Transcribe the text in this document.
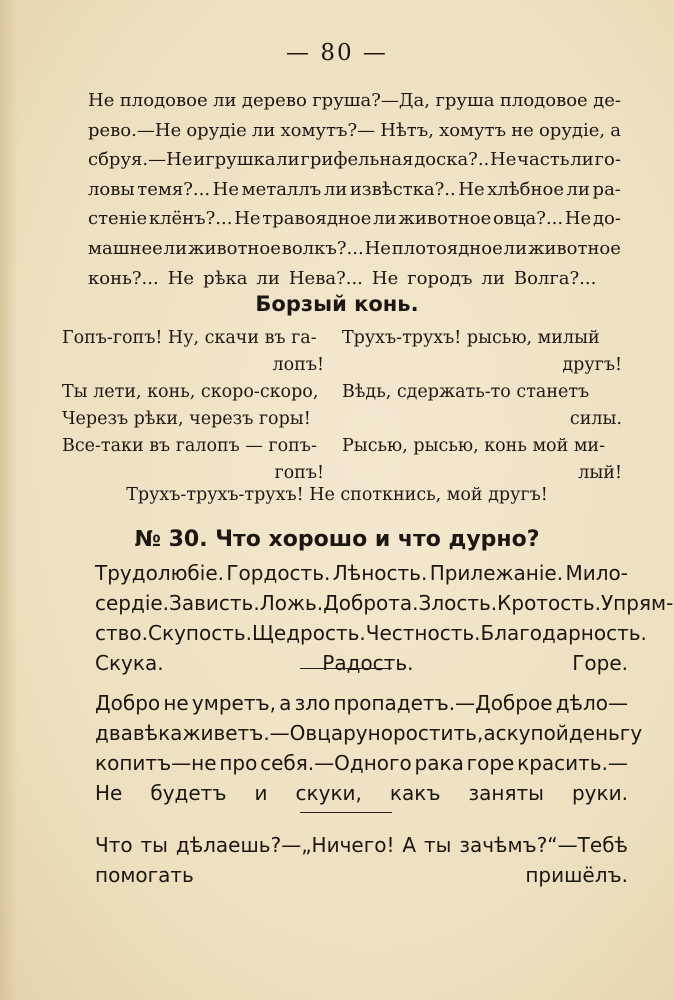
— 80 —
Не плодовое ли дерево груша?—Да, груша плодовое де-
рево.—Не орудіе ли хомутъ?— Нѣтъ, хомутъ не орудіе, а
сбруя.—Не игрушка ли грифельная доска?.. Не часть ли го-
ловы темя?... Не металлъ ли извѣстка?.. Не хлѣбное ли ра-
стеніе клёнъ?... Не травоядное ли животное овца?... Не до-
машнее ли животное волкъ?... Не плотоядное ли животное
конь?... Не рѣка ли Нева?... Не городъ ли Волга?...
Борзый конь.
Гопъ-гопъ! Ну, скачи въ га-
лопъ!
Ты лети, конь, скоро-скоро,
Черезъ рѣки, черезъ горы!
Все-таки въ галопъ — гопъ-
гопъ!
Трухъ-трухъ! рысью, милый
другъ!
Вѣдь, сдержать-то станетъ
силы.
Рысью, рысью, конь мой ми-
лый!
Трухъ-трухъ-трухъ! Не споткнись, мой другъ!
№ 30. Что хорошо и что дурно?
Трудолюбіе. Гордость. Лѣность. Прилежаніе. Мило-
сердіе. Зависть. Ложь. Доброта. Злость. Кротость. Упрям-
ство. Скупость. Щедрость. Честность. Благодарность.
Скука.	Радость.	Горе.
Добро не умретъ, а зло пропадетъ.—Доброе дѣло—
два вѣка живетъ.—Овца руно ростить, а скупой деньгу
копитъ—не про себя.—Одного рака горе красить.—
Не будетъ и скуки, какъ заняты руки.
Что ты дѣлаешь?—„Ничего! А ты зачѣмъ?“—Тебѣ
помогать	пришёлъ.
